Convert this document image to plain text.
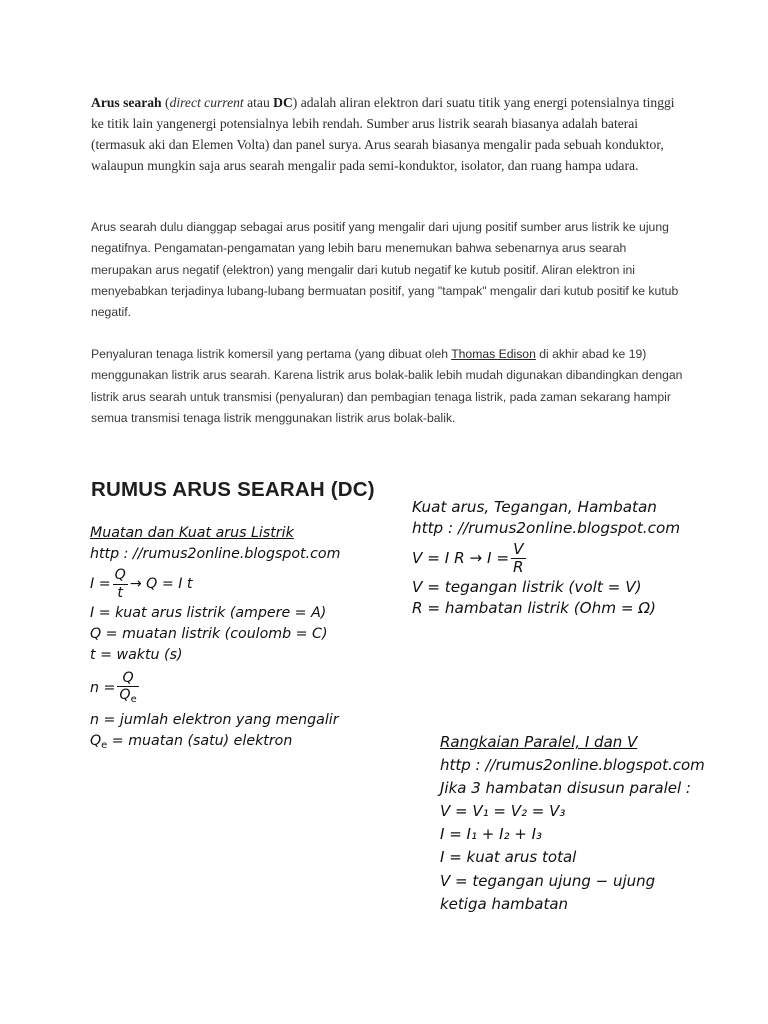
Arus searah (direct current atau DC) adalah aliran elektron dari suatu titik yang energi potensialnya tinggi ke titik lain yangenergi potensialnya lebih rendah. Sumber arus listrik searah biasanya adalah baterai (termasuk aki dan Elemen Volta) dan panel surya. Arus searah biasanya mengalir pada sebuah konduktor, walaupun mungkin saja arus searah mengalir pada semi-konduktor, isolator, dan ruang hampa udara.

Arus searah dulu dianggap sebagai arus positif yang mengalir dari ujung positif sumber arus listrik ke ujung negatifnya. Pengamatan-pengamatan yang lebih baru menemukan bahwa sebenarnya arus searah merupakan arus negatif (elektron) yang mengalir dari kutub negatif ke kutub positif. Aliran elektron ini menyebabkan terjadinya lubang-lubang bermuatan positif, yang "tampak" mengalir dari kutub positif ke kutub negatif.

Penyaluran tenaga listrik komersil yang pertama (yang dibuat oleh Thomas Edison di akhir abad ke 19) menggunakan listrik arus searah. Karena listrik arus bolak-balik lebih mudah digunakan dibandingkan dengan listrik arus searah untuk transmisi (penyaluran) dan pembagian tenaga listrik, pada zaman sekarang hampir semua transmisi tenaga listrik menggunakan listrik arus bolak-balik.

RUMUS ARUS SEARAH (DC)
Muatan dan Kuat arus Listrik
http : //rumus2online.blogspot.com
$I = \frac{Q}{t} \to Q = I$ t
I = kuat arus listrik (ampere = A)
Q = muatan listrik (coulomb = C)
t = waktu (s)
$n = \frac{Q}{Q_e}$
n = jumlah elektron yang mengalir
$Q_e = muatan$ (satu) elektron
Kuat arus, Tegangan, Hambatan
http : //rumus2online.blogspot.com
V = I $R \to I = \frac{V}{R}$
V = tegangan listrik (volt = V)
R = hambatan listrik (Ohm = Ω)
Rangkaian Paralel, I dan V
http : //rumus2online.blogspot.com
Jika 3 hambatan disusun paralel :
V = V₁ = V₂ = V₃
I = I₁ + I₂ + I₃
I = kuat arus total
V = tegangan ujung − ujung
ketiga hambatan
